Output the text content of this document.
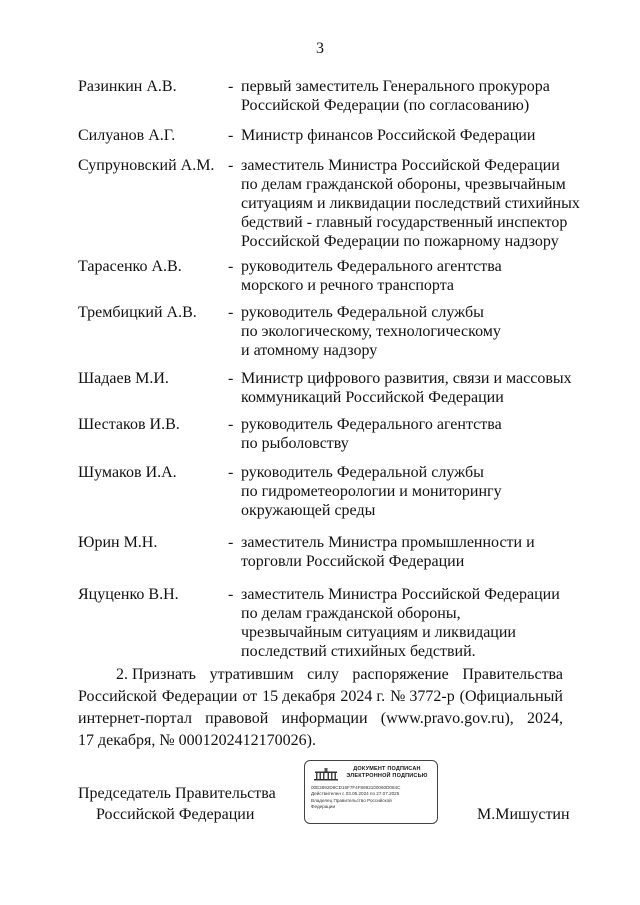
3
Разинкин А.В.	- первый заместитель Генерального прокурора
Российской Федерации (по согласованию)
Силуанов А.Г.	- Министр финансов Российской Федерации
Супруновский А.М. - заместитель Министра Российской Федерации
по делам гражданской обороны, чрезвычайным
ситуациям и ликвидации последствий стихийных
бедствий - главный государственный инспектор
Российской Федерации по пожарному надзору
Тарасенко А.В.	- руководитель Федерального агентства
морского и речного транспорта
Трембицкий А.В. - руководитель Федеральной службы
по экологическому, технологическому
и атомному надзору
Шадаев М.И.	- Министр цифрового развития, связи и массовых
коммуникаций Российской Федерации
Шестаков И.В.	- руководитель Федерального агентства
по рыболовству
Шумаков И.А.	- руководитель Федеральной службы
по гидрометеорологии и мониторингу
окружающей среды
Юрин М.Н.	- заместитель Министра промышленности и
торговли Российской Федерации
Яцуценко В.Н.	- заместитель Министра Российской Федерации
по делам гражданской обороны,
чрезвычайным ситуациям и ликвидации
последствий стихийных бедствий.
2. Признать утратившим силу распоряжение Правительства
Российской Федерации от 15 декабря 2024 г. № 3772-р (Официальный
интернет-портал правовой информации (www.pravo.gov.ru), 2024,
17 декабря, № 0001202412170026).
Председатель Правительства
Российской Федерации
ДОКУМЕНТ ПОДПИСАН
ЭЛЕКТРОННОЙ ПОДПИСЬЮ
00E3692D9CD15F7F4F8692100060D084C
Действителен с 03.05.2024 по 27.07.2025
Владелец Правительство Российской
Федерации	М.Мишустин
